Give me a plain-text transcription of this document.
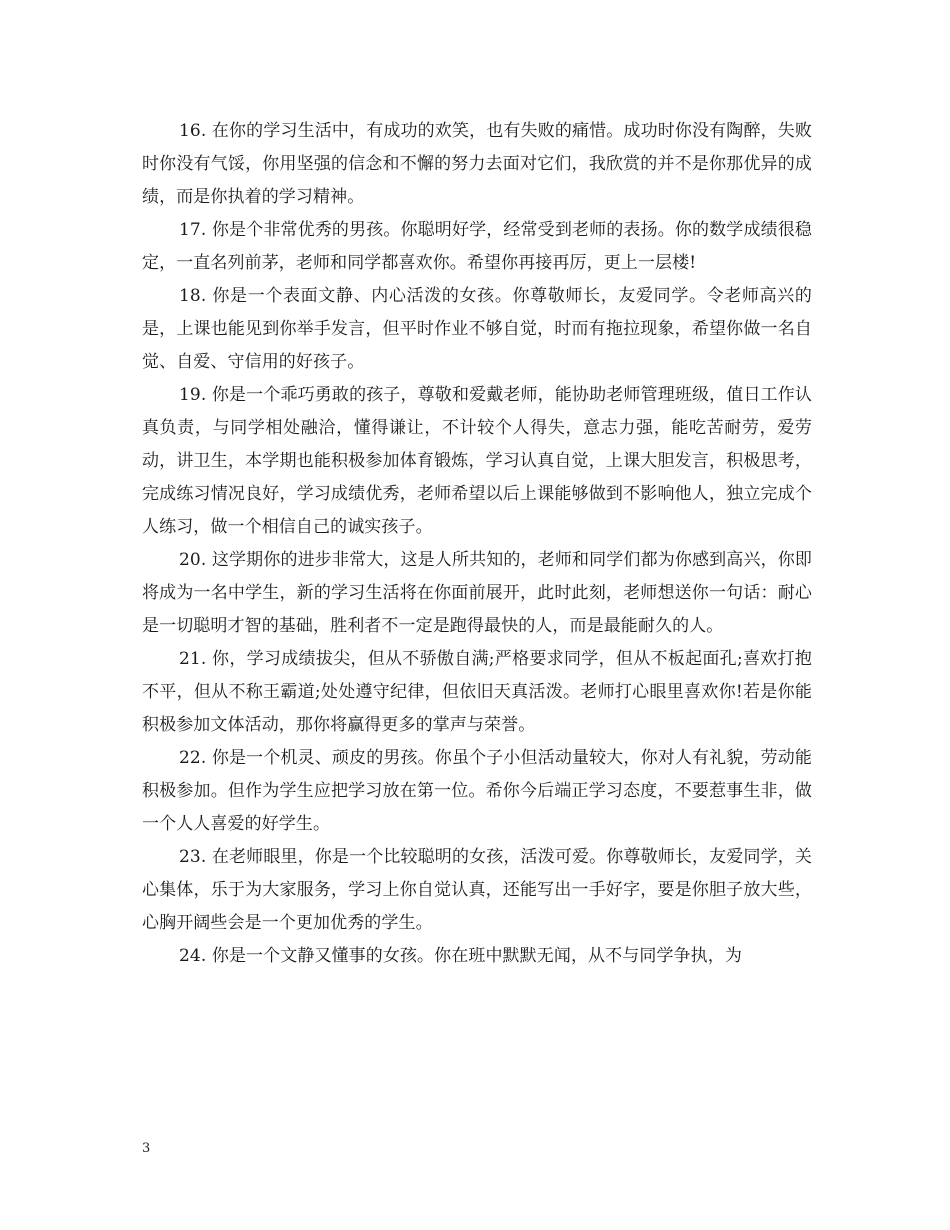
16. 在你的学习生活中，有成功的欢笑，也有失败的痛惜。成功时你没有陶醉，失败时你没有气馁，你用坚强的信念和不懈的努力去面对它们，我欣赏的并不是你那优异的成绩，而是你执着的学习精神。

17. 你是个非常优秀的男孩。你聪明好学，经常受到老师的表扬。你的数学成绩很稳定，一直名列前茅，老师和同学都喜欢你。希望你再接再厉，更上一层楼!

18. 你是一个表面文静、内心活泼的女孩。你尊敬师长，友爱同学。令老师高兴的是，上课也能见到你举手发言，但平时作业不够自觉，时而有拖拉现象，希望你做一名自觉、自爱、守信用的好孩子。

19. 你是一个乖巧勇敢的孩子，尊敬和爱戴老师，能协助老师管理班级，值日工作认真负责，与同学相处融洽，懂得谦让，不计较个人得失，意志力强，能吃苦耐劳，爱劳动，讲卫生，本学期也能积极参加体育锻炼，学习认真自觉，上课大胆发言，积极思考，完成练习情况良好，学习成绩优秀，老师希望以后上课能够做到不影响他人，独立完成个人练习，做一个相信自己的诚实孩子。

20. 这学期你的进步非常大，这是人所共知的，老师和同学们都为你感到高兴，你即将成为一名中学生，新的学习生活将在你面前展开，此时此刻，老师想送你一句话：耐心是一切聪明才智的基础，胜利者不一定是跑得最快的人，而是最能耐久的人。

21. 你，学习成绩拔尖，但从不骄傲自满;严格要求同学，但从不板起面孔;喜欢打抱不平，但从不称王霸道;处处遵守纪律，但依旧天真活泼。老师打心眼里喜欢你!若是你能积极参加文体活动，那你将赢得更多的掌声与荣誉。

22. 你是一个机灵、顽皮的男孩。你虽个子小但活动量较大，你对人有礼貌，劳动能积极参加。但作为学生应把学习放在第一位。希你今后端正学习态度，不要惹事生非，做一个人人喜爱的好学生。

23. 在老师眼里，你是一个比较聪明的女孩，活泼可爱。你尊敬师长，友爱同学，关心集体，乐于为大家服务，学习上你自觉认真，还能写出一手好字，要是你胆子放大些，心胸开阔些会是一个更加优秀的学生。

24. 你是一个文静又懂事的女孩。你在班中默默无闻，从不与同学争执，为

3
